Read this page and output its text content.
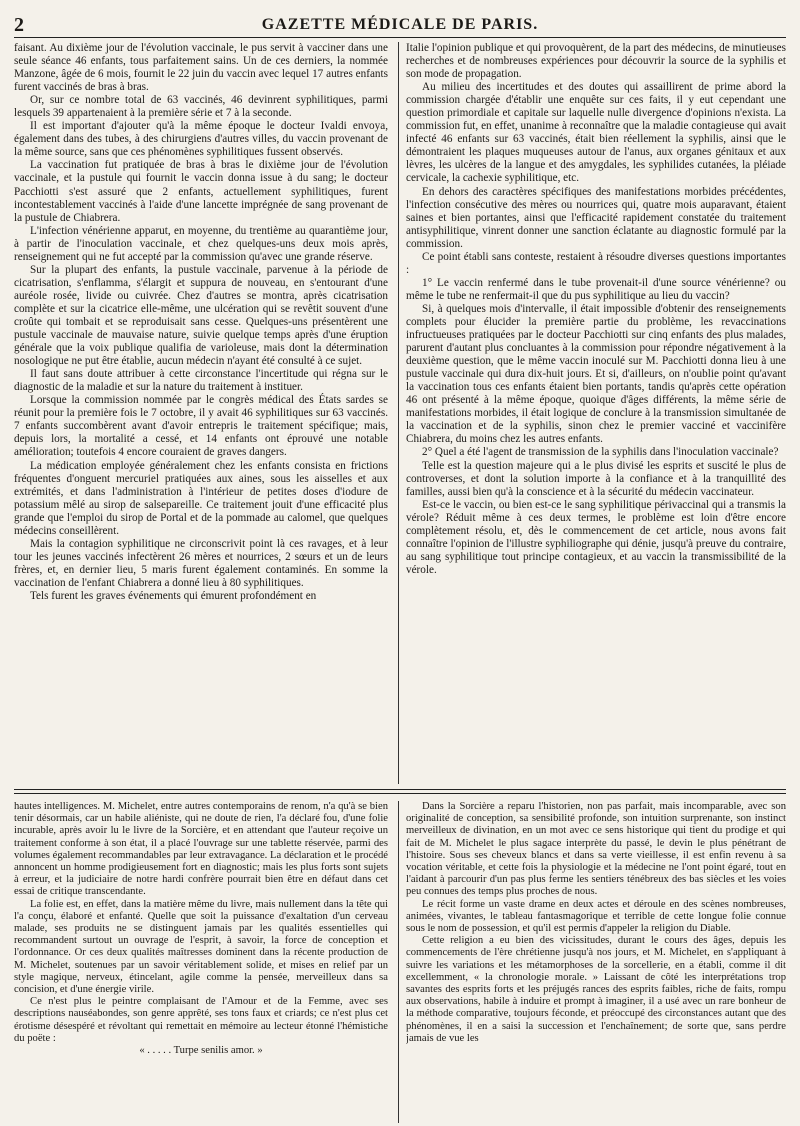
2	GAZETTE MÉDICALE DE PARIS.

faisant. Au dixième jour de l'évolution vaccinale, le pus servit à vacciner dans une seule séance 46 enfants, tous parfaitement sains. Un de ces derniers, la nommée Manzone, âgée de 6 mois, fournit le 22 juin du vaccin avec lequel 17 autres enfants furent vaccinés de bras à bras.

Or, sur ce nombre total de 63 vaccinés, 46 devinrent syphilitiques, parmi lesquels 39 appartenaient à la première série et 7 à la seconde.

Il est important d'ajouter qu'à la même époque le docteur Ivaldi envoya, également dans des tubes, à des chirurgiens d'autres villes, du vaccin provenant de la même source, sans que ces phénomènes syphilitiques fussent observés.

La vaccination fut pratiquée de bras à bras le dixième jour de l'évolution vaccinale, et la pustule qui fournit le vaccin donna issue à du sang; le docteur Pacchiotti s'est assuré que 2 enfants, actuellement syphilitiques, furent incontestablement vaccinés à l'aide d'une lancette imprégnée de sang provenant de la pustule de Chiabrera.

L'infection vénérienne apparut, en moyenne, du trentième au quarantième jour, à partir de l'inoculation vaccinale, et chez quelques-uns deux mois après, renseignement qui ne fut accepté par la commission qu'avec une grande réserve.

Sur la plupart des enfants, la pustule vaccinale, parvenue à la période de cicatrisation, s'enflamma, s'élargit et suppura de nouveau, en s'entourant d'une auréole rosée, livide ou cuivrée. Chez d'autres se montra, après cicatrisation complète et sur la cicatrice elle-même, une ulcération qui se revêtit souvent d'une croûte qui tombait et se reproduisait sans cesse. Quelques-uns présentèrent une pustule vaccinale de mauvaise nature, suivie quelque temps après d'une éruption générale que la voix publique qualifia de varioleuse, mais dont la détermination nosologique ne put être établie, aucun médecin n'ayant été consulté à ce sujet.

Il faut sans doute attribuer à cette circonstance l'incertitude qui régna sur le diagnostic de la maladie et sur la nature du traitement à instituer.

Lorsque la commission nommée par le congrès médical des États sardes se réunit pour la première fois le 7 octobre, il y avait 46 syphilitiques sur 63 vaccinés. 7 enfants succombèrent avant d'avoir entrepris le traitement spécifique; mais, depuis lors, la mortalité a cessé, et 14 enfants ont éprouvé une notable amélioration; toutefois 4 encore couraient de graves dangers.

La médication employée généralement chez les enfants consista en frictions fréquentes d'onguent mercuriel pratiquées aux aines, sous les aisselles et aux extrémités, et dans l'administration à l'intérieur de petites doses d'iodure de potassium mêlé au sirop de salsepareille. Ce traitement jouit d'une efficacité plus grande que l'emploi du sirop de Portal et de la pommade au calomel, que quelques médecins conseillèrent.

Mais la contagion syphilitique ne circonscrivit point là ces ravages, et à leur tour les jeunes vaccinés infectèrent 26 mères et nourrices, 2 sœurs et un de leurs frères, et, en dernier lieu, 5 maris furent également contaminés. En somme la vaccination de l'enfant Chiabrera a donné lieu à 80 syphilitiques.

Tels furent les graves événements qui émurent profondément en

Italie l'opinion publique et qui provoquèrent, de la part des médecins, de minutieuses recherches et de nombreuses expériences pour découvrir la source de la syphilis et son mode de propagation.

Au milieu des incertitudes et des doutes qui assaillirent de prime abord la commission chargée d'établir une enquête sur ces faits, il y eut cependant une question primordiale et capitale sur laquelle nulle divergence d'opinions n'exista. La commission fut, en effet, unanime à reconnaître que la maladie contagieuse qui avait infecté 46 enfants sur 63 vaccinés, était bien réellement la syphilis, ainsi que le démontraient les plaques muqueuses autour de l'anus, aux organes génitaux et aux lèvres, les ulcères de la langue et des amygdales, les syphilides cutanées, la pléiade cervicale, la cachexie syphilitique, etc.

En dehors des caractères spécifiques des manifestations morbides précédentes, l'infection consécutive des mères ou nourrices qui, quatre mois auparavant, étaient saines et bien portantes, ainsi que l'efficacité rapidement constatée du traitement antisyphilitique, vinrent donner une sanction éclatante au diagnostic formulé par la commission.

Ce point établi sans conteste, restaient à résoudre diverses questions importantes :

1° Le vaccin renfermé dans le tube provenait-il d'une source vénérienne? ou même le tube ne renfermait-il que du pus syphilitique au lieu du vaccin?

Si, à quelques mois d'intervalle, il était impossible d'obtenir des renseignements complets pour élucider la première partie du problème, les revaccinations infructueuses pratiquées par le docteur Pacchiotti sur cinq enfants des plus malades, parurent d'autant plus concluantes à la commission pour répondre négativement à la deuxième question, que le même vaccin inoculé sur M. Pacchiotti donna lieu à une pustule vaccinale qui dura dix-huit jours. Et si, d'ailleurs, on n'oublie point qu'avant la vaccination tous ces enfants étaient bien portants, tandis qu'après cette opération 46 ont présenté à la même époque, quoique d'âges différents, la même série de manifestations morbides, il était logique de conclure à la transmission simultanée de la vaccination et de la syphilis, sinon chez le premier vacciné et vaccinifère Chiabrera, du moins chez les autres enfants.

2° Quel a été l'agent de transmission de la syphilis dans l'inoculation vaccinale?

Telle est la question majeure qui a le plus divisé les esprits et suscité le plus de controverses, et dont la solution importe à la confiance et à la tranquillité des familles, aussi bien qu'à la conscience et à la sécurité du médecin vaccinateur.

Est-ce le vaccin, ou bien est-ce le sang syphilitique périvaccinal qui a transmis la vérole? Réduit même à ces deux termes, le problème est loin d'être encore complètement résolu, et, dès le commencement de cet article, nous avons fait connaître l'opinion de l'illustre syphiliographe qui dénie, jusqu'à preuve du contraire, au sang syphilitique tout principe contagieux, et au vaccin la transmissibilité de la vérole.

hautes intelligences. M. Michelet, entre autres contemporains de renom, n'a qu'à se bien tenir désormais, car un habile aliéniste, qui ne doute de rien, l'a déclaré fou, d'une folie incurable, après avoir lu le livre de la Sorcière, et en attendant que l'auteur reçoive un traitement conforme à son état, il a placé l'ouvrage sur une tablette réservée, parmi des volumes également recommandables par leur extravagance. La déclaration et le procédé annoncent un homme prodigieusement fort en diagnostic; mais les plus forts sont sujets à erreur, et la judiciaire de notre hardi confrère pourrait bien être en défaut dans cet essai de critique transcendante.

La folie est, en effet, dans la matière même du livre, mais nullement dans la tête qui l'a conçu, élaboré et enfanté. Quelle que soit la puissance d'exaltation d'un cerveau malade, ses produits ne se distinguent jamais par les qualités essentielles qui recommandent surtout un ouvrage de l'esprit, à savoir, la force de conception et l'ordonnance. Or ces deux qualités maîtresses dominent dans la récente production de M. Michelet, soutenues par un savoir véritablement solide, et mises en relief par un style magique, nerveux, étincelant, agile comme la pensée, merveilleux dans sa concision, et d'une énergie virile.

Ce n'est plus le peintre complaisant de l'Amour et de la Femme, avec ses descriptions nauséabondes, son genre apprêté, ses tons faux et criards; ce n'est plus cet érotisme désespéré et révoltant qui remettait en mémoire au lecteur étonné l'hémistiche du poëte :

« . . . . . Turpe senilis amor. »

Dans la Sorcière a reparu l'historien, non pas parfait, mais incomparable, avec son originalité de conception, sa sensibilité profonde, son intuition surprenante, son instinct merveilleux de divination, en un mot avec ce sens historique qui tient du prodige et qui fait de M. Michelet le plus sagace interprète du passé, le devin le plus pénétrant de l'histoire. Sous ses cheveux blancs et dans sa verte vieillesse, il est enfin revenu à sa vocation véritable, et cette fois la physiologie et la médecine ne l'ont point égaré, tout en l'aidant à parcourir d'un pas plus ferme les sentiers ténébreux des bas siècles et les voies peu connues des temps plus proches de nous.

Le récit forme un vaste drame en deux actes et déroule en des scènes nombreuses, animées, vivantes, le tableau fantasmagorique et terrible de cette longue folie connue sous le nom de possession, et qu'il est permis d'appeler la religion du Diable.

Cette religion a eu bien des vicissitudes, durant le cours des âges, depuis les commencements de l'ère chrétienne jusqu'à nos jours, et M. Michelet, en s'appliquant à suivre les variations et les métamorphoses de la sorcellerie, en a établi, comme il dit excellemment, « la chronologie morale. » Laissant de côté les interprétations trop savantes des esprits forts et les préjugés rances des esprits faibles, riche de faits, rompu aux observations, habile à induire et prompt à imaginer, il a usé avec un rare bonheur de la méthode comparative, toujours féconde, et préoccupé des circonstances autant que des phénomènes, il en a saisi la succession et l'enchaînement; de sorte que, sans perdre jamais de vue les
